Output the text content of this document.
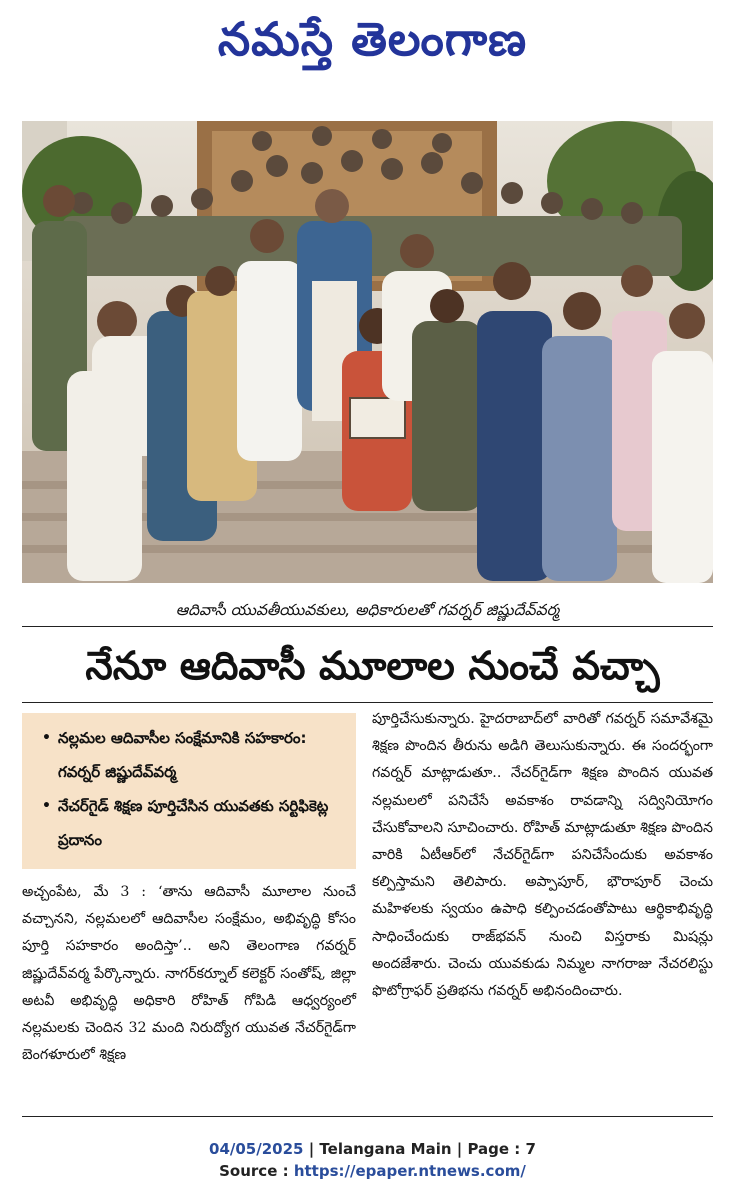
నమస్తే తెలంగాణ
ఆదివాసీ యువతీయువకులు, అధికారులతో గవర్నర్ జిష్ణుదేవ్‌వర్మ
నేనూ ఆదివాసీ మూలాల నుంచే వచ్చా
• నల్లమల ఆదివాసీల సంక్షేమానికి సహకారం: గవర్నర్ జిష్ణుదేవ్‌వర్మ
• నేచర్‌గైడ్ శిక్షణ పూర్తిచేసిన యువతకు సర్టిఫికెట్ల ప్రదానం
అచ్చంపేట, మే 3 : ‘తాను ఆదివాసీ మూలాల నుంచే వచ్చానని, నల్లమలలో ఆదివాసీల సంక్షేమం, అభివృద్ధి కోసం పూర్తి సహకారం అందిస్తా’.. అని తెలంగాణ గవర్నర్ జిష్ణుదేవ్‌వర్మ పేర్కొన్నారు. నాగర్‌కర్నూల్ కలెక్టర్ సంతోష్, జిల్లా అటవీ అభివృద్ధి అధికారి రోహిత్ గోపిడి ఆధ్వర్యంలో నల్లమలకు చెందిన 32 మంది నిరుద్యోగ యువత నేచర్‌గైడ్‌గా బెంగళూరులో శిక్షణ
పూర్తిచేసుకున్నారు. హైదరాబాద్‌లో వారితో గవర్నర్ సమావేశమై శిక్షణ పొందిన తీరును అడిగి తెలుసుకున్నారు. ఈ సందర్భంగా గవర్నర్ మాట్లాడుతూ.. నేచర్‌గైడ్‌గా శిక్షణ పొందిన యువత నల్లమలలో పనిచేసే అవకాశం రావడాన్ని సద్వినియోగం చేసుకోవాలని సూచించారు. రోహిత్ మాట్లాడుతూ శిక్షణ పొందిన వారికి ఏటీఆర్‌లో నేచర్‌గైడ్‌గా పనిచేసేందుకు అవకాశం కల్పిస్తామని తెలిపారు. అప్పాపూర్, భౌరాపూర్ చెంచు మహిళలకు స్వయం ఉపాధి కల్పించడంతోపాటు ఆర్థికాభివృద్ధి సాధించేందుకు రాజ్‌భవన్ నుంచి విస్తరాకు మిషన్లు అందజేశారు. చెంచు యువకుడు నిమ్మల నాగరాజు నేచరలిస్టు ఫొటోగ్రాఫర్ ప్రతిభను గవర్నర్ అభినందించారు.
04/05/2025 | Telangana Main | Page : 7
Source : https://epaper.ntnews.com/
